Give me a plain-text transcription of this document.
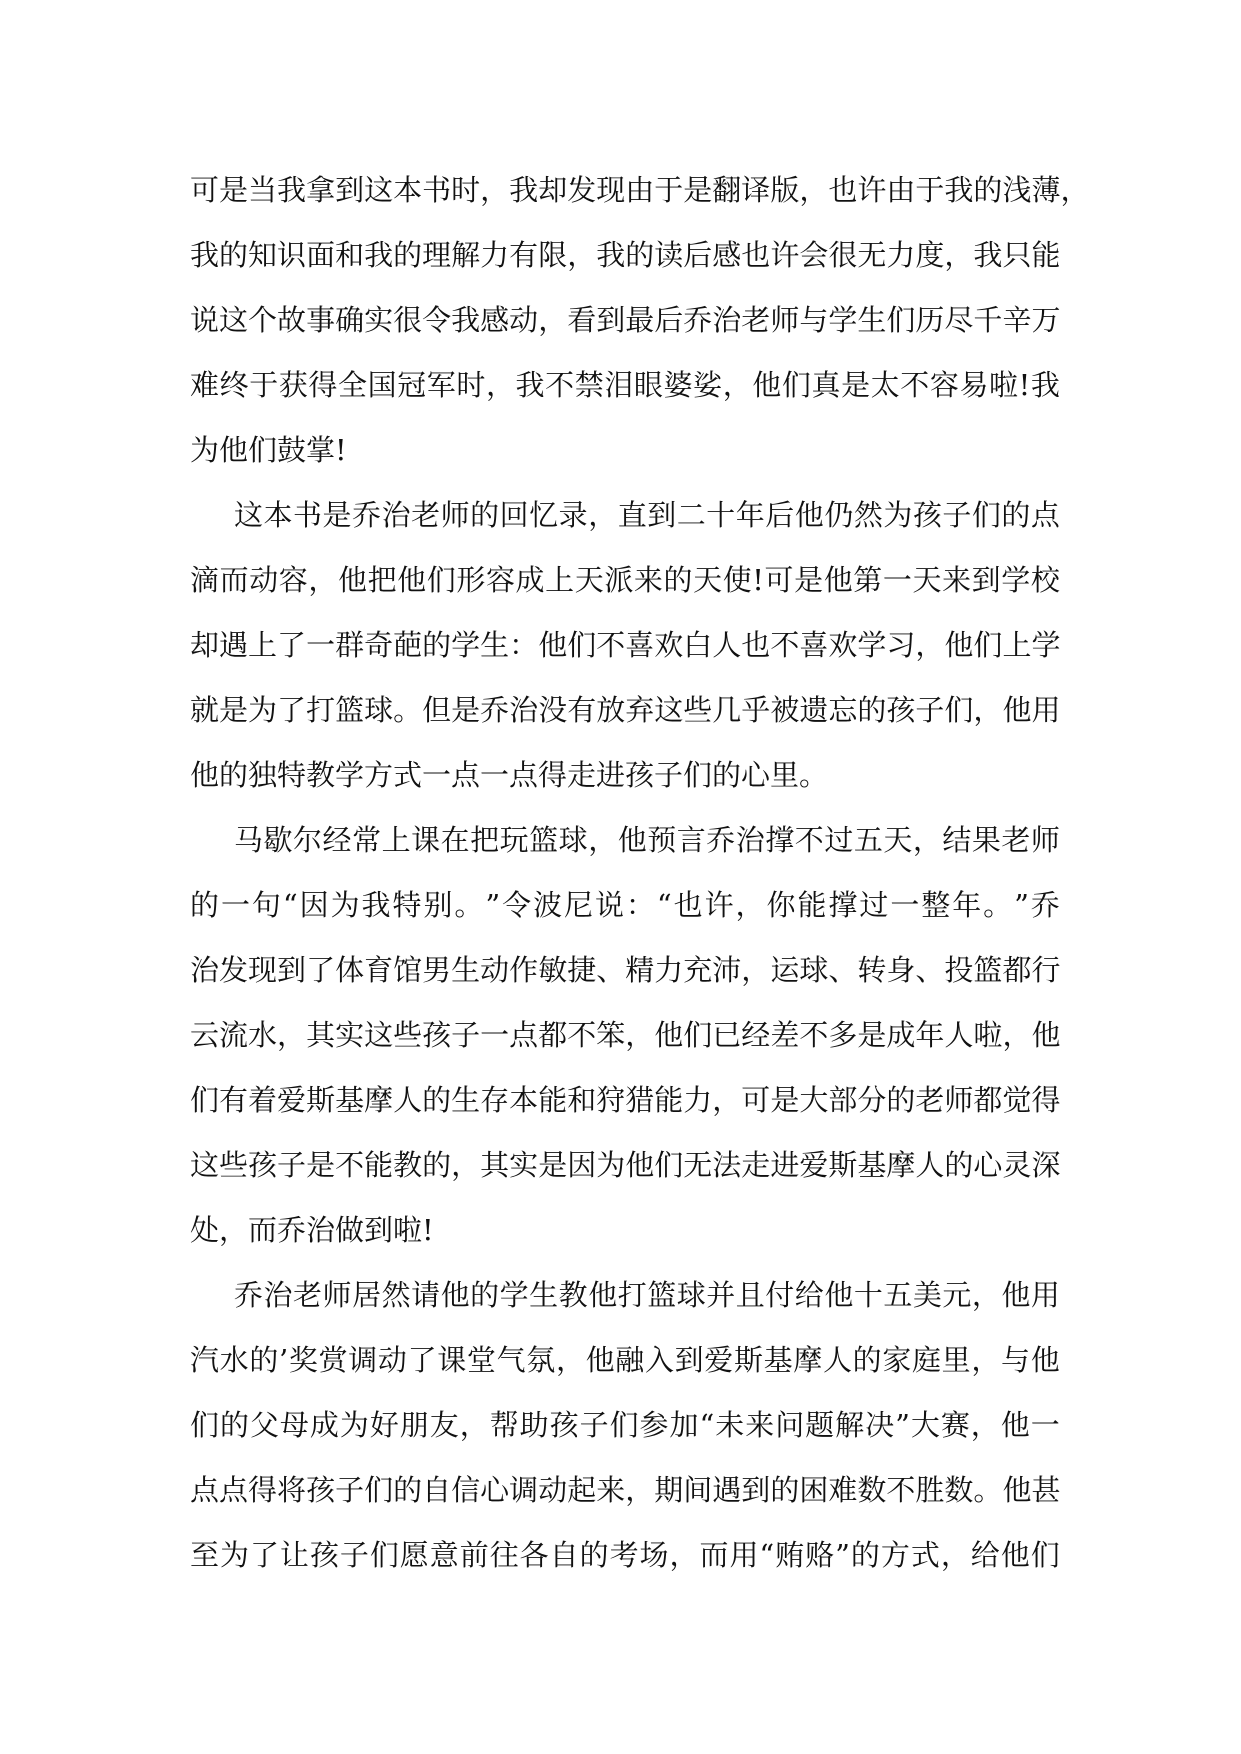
可 是 当 我 拿 到 这 本 书 时 ， 我 却 发 现 由 于 是 翻 译 版 ， 也 许 由 于 我 的 浅 薄 ，
我 的 知 识 面 和 我 的 理 解 力 有 限 ， 我 的 读 后 感 也 许 会 很 无 力 度 ， 我 只 能
说 这 个 故 事 确 实 很 令 我 感 动 ， 看 到 最 后 乔 治 老 师 与 学 生 们 历 尽 千 辛 万
难 终 于 获 得 全 国 冠 军 时 ， 我 不 禁 泪 眼 婆 娑 ， 他 们 真 是 太 不 容 易 啦 ! 我
为他们鼓掌!
这 本 书 是 乔 治 老 师 的 回 忆 录 ， 直 到 二 十 年 后 他 仍 然 为 孩 子 们 的 点
滴 而 动 容 ， 他 把 他 们 形 容 成 上 天 派 来 的 天 使 ! 可 是 他 第 一 天 来 到 学 校
却 遇 上 了 一 群 奇 葩 的 学 生 ： 他 们 不 喜 欢 白 人 也 不 喜 欢 学 习 ， 他 们 上 学
就 是 为 了 打 篮 球 。 但 是 乔 治 没 有 放 弃 这 些 几 乎 被 遗 忘 的 孩 子 们 ， 他 用
他的独特教学方式一点一点得走进孩子们的心里。
马 歇 尔 经 常 上 课 在 把 玩 篮 球 ， 他 预 言 乔 治 撑 不 过 五 天 ， 结 果 老 师
的 一 句 “ 因 为 我 特 别 。 ” 令 波 尼 说 ： “ 也 许 ， 你 能 撑 过 一 整 年 。 ” 乔
治 发 现 到 了 体 育 馆 男 生 动 作 敏 捷 、 精 力 充 沛 ， 运 球 、 转 身 、 投 篮 都 行
云 流 水 ， 其 实 这 些 孩 子 一 点 都 不 笨 ， 他 们 已 经 差 不 多 是 成 年 人 啦 ， 他
们 有 着 爱 斯 基 摩 人 的 生 存 本 能 和 狩 猎 能 力 ， 可 是 大 部 分 的 老 师 都 觉 得
这 些 孩 子 是 不 能 教 的 ， 其 实 是 因 为 他 们 无 法 走 进 爱 斯 基 摩 人 的 心 灵 深
处，而乔治做到啦!
乔 治 老 师 居 然 请 他 的 学 生 教 他 打 篮 球 并 且 付 给 他 十 五 美 元 ， 他 用
汽 水 的 ’ 奖 赏 调 动 了 课 堂 气 氛 ， 他 融 入 到 爱 斯 基 摩 人 的 家 庭 里 ， 与 他
们 的 父 母 成 为 好 朋 友 ， 帮 助 孩 子 们 参 加 “ 未 来 问 题 解 决 ” 大 赛 ， 他 一
点 点 得 将 孩 子 们 的 自 信 心 调 动 起 来 ， 期 间 遇 到 的 困 难 数 不 胜 数 。 他 甚
至 为 了 让 孩 子 们 愿 意 前 往 各 自 的 考 场 ， 而 用 “ 贿 赂 ” 的 方 式 ， 给 他 们
